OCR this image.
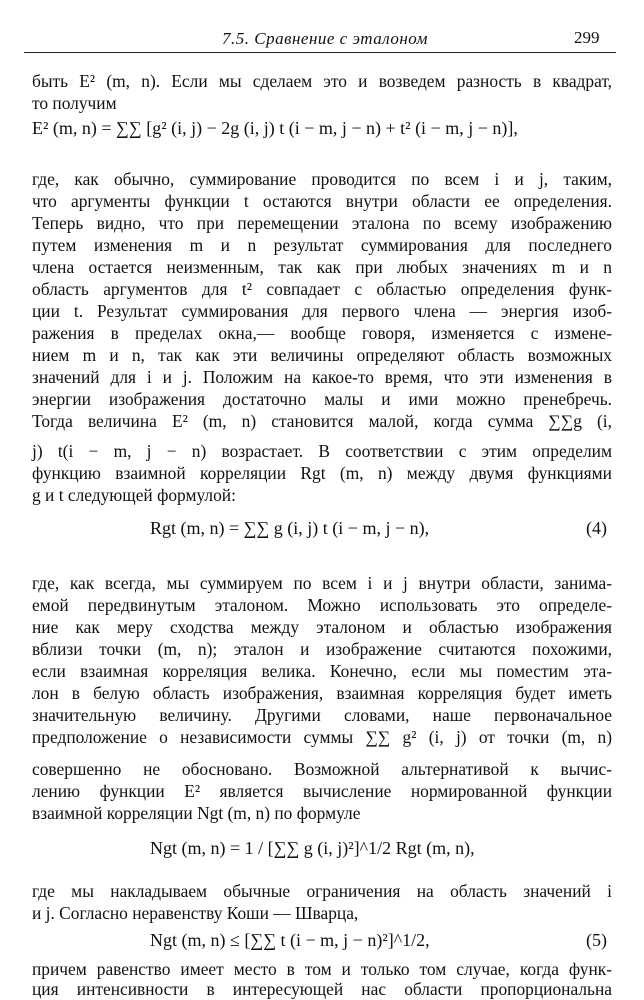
7.5. Сравнение с эталоном	299
быть E² (m, n). Если мы сделаем это и возведем разность в квадрат,
то получим
E² (m, n) = ∑∑ [g² (i, j) − 2g (i, j) t (i − m, j − n) + t² (i − m, j − n)],
где, как обычно, суммирование проводится по всем i и j, таким,
что аргументы функции t остаются внутри области ее определения.
Теперь видно, что при перемещении эталона по всему изображению
путем изменения m и n результат суммирования для последнего
члена остается неизменным, так как при любых значениях m и n
область аргументов для t² совпадает с областью определения функ-
ции t. Результат суммирования для первого члена — энергия изоб-
ражения в пределах окна,— вообще говоря, изменяется с измене-
нием m и n, так как эти величины определяют область возможных
значений для i и j. Положим на какое-то время, что эти изменения в
энергии изображения достаточно малы и ими можно пренебречь.
Тогда величина E² (m, n) становится малой, когда сумма ∑∑g (i,
j) t(i − m, j − n) возрастает. В соответствии с этим определим
функцию взаимной корреляции Rgt (m, n) между двумя функциями
g и t следующей формулой:
Rgt (m, n) = ∑∑ g (i, j) t (i − m, j − n),	(4)
где, как всегда, мы суммируем по всем i и j внутри области, занима-
емой передвинутым эталоном. Можно использовать это определе-
ние как меру сходства между эталоном и областью изображения
вблизи точки (m, n); эталон и изображение считаются похожими,
если взаимная корреляция велика. Конечно, если мы поместим эта-
лон в белую область изображения, взаимная корреляция будет иметь
значительную величину. Другими словами, наше первоначальное
предположение о независимости суммы ∑∑ g² (i, j) от точки (m, n)
совершенно не обосновано. Возможной альтернативой к вычис-
лению функции E² является вычисление нормированной функции
взаимной корреляции Ngt (m, n) по формуле
Ngt (m, n) = 1 / [∑∑ g (i, j)²]^1/2 Rgt (m, n),
где мы накладываем обычные ограничения на область значений i
и j. Согласно неравенству Коши — Шварца,
Ngt (m, n) ≤ [∑∑ t (i − m, j − n)²]^1/2,	(5)
причем равенство имеет место в том и только том случае, когда функ-
ция интенсивности в интересующей нас области пропорциональна
